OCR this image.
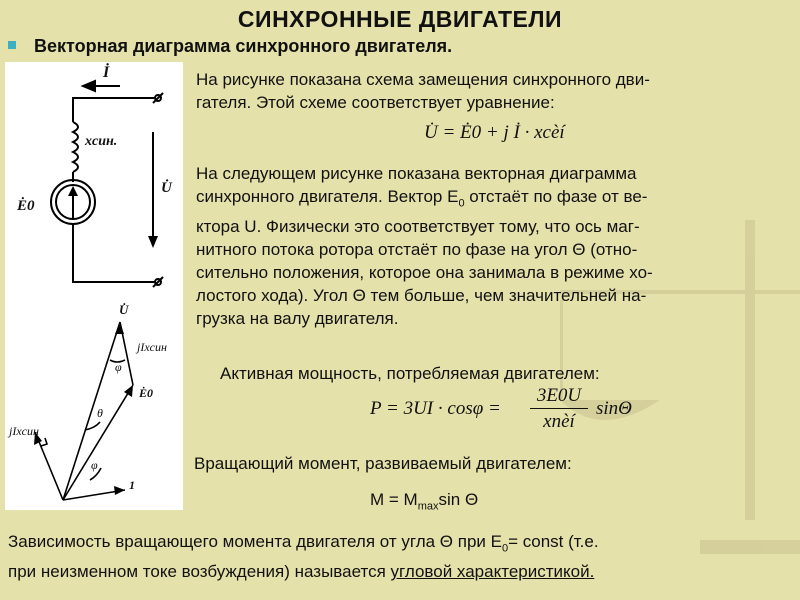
СИНХРОННЫЕ ДВИГАТЕЛИ
Векторная диаграмма синхронного двигателя.
İ
xсин.
Ė0
U̇
U̇
jIxсин
Ė0
jIxсин
φ
θ
φ
1
На рисунке показана схема замещения синхронного дви-
гателя. Этой схеме соответствует уравнение:
U̇ = Ė0 + j İ · xсèí
На следующем рисунке показана векторная диаграмма
синхронного двигателя. Вектор $E_0$ отстаёт по фазе от ве-
ктора U. Физически это соответствует тому, что ось маг-
нитного потока ротора отстаёт по фазе на угол Θ (отно-
сительно положения, которое она занимала в режиме хо-
лостого хода). Угол Θ тем больше, чем значительней на-
грузка на валу двигателя.
Активная мощность, потребляемая двигателем:
P = 3UI · cosφ =
3E0U
xпèí
sinΘ
Вращающий момент, развиваемый двигателем:
$M = M_{max}\sin$ Θ
Зависимость вращающего момента двигателя от угла Θ при $E_0=$ const (т.е.
при неизменном токе возбуждения) называется угловой характеристикой.
